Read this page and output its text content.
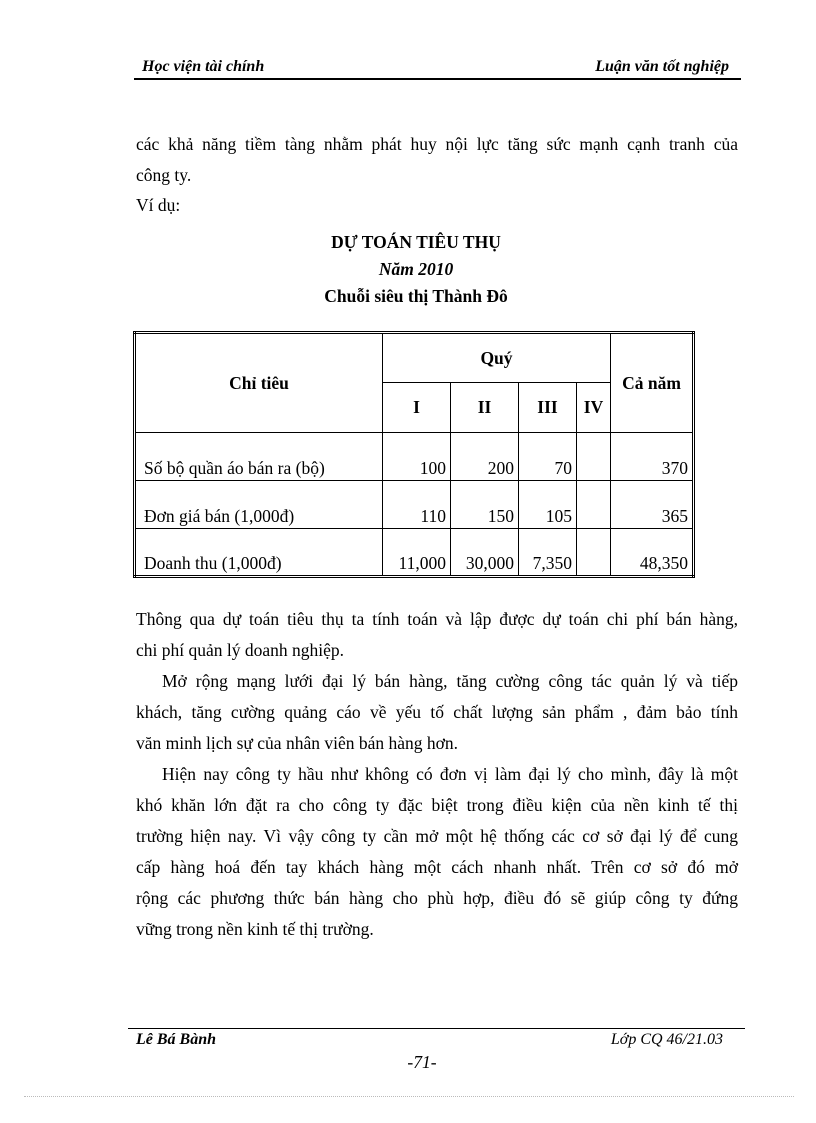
Học viện tài chính	Luận văn tốt nghiệp
các khả năng tiềm tàng nhằm phát huy nội lực tăng sức mạnh cạnh tranh của
công ty.
Ví dụ:
DỰ TOÁN TIÊU THỤ
Năm 2010
Chuỗi siêu thị Thành Đô
Chỉ tiêu	Quý				Cả năm
	I	II	III	IV	
Số bộ quần áo bán ra (bộ)	100	200	70		370
Đơn giá bán (1,000đ)	110	150	105		365
Doanh thu (1,000đ)	11,000	30,000	7,350		48,350
Thông qua dự toán tiêu thụ ta tính toán và lập được dự toán chi phí bán hàng,
chi phí quản lý doanh nghiệp.
Mở rộng mạng lưới đại lý bán hàng, tăng cường công tác quản lý và tiếp
khách, tăng cường quảng cáo về yếu tố chất lượng sản phẩm , đảm bảo tính
văn minh lịch sự của nhân viên bán hàng hơn.
Hiện nay công ty hầu như không có đơn vị làm đại lý cho mình, đây là một
khó khăn lớn đặt ra cho công ty đặc biệt trong điều kiện của nền kinh tế thị
trường hiện nay. Vì vậy công ty cần mở một hệ thống các cơ sở đại lý để cung
cấp hàng hoá đến tay khách hàng một cách nhanh nhất. Trên cơ sở đó mở
rộng các phương thức bán hàng cho phù hợp, điều đó sẽ giúp công ty đứng
vững trong nền kinh tế thị trường.
Lê Bá Bành	Lớp CQ 46/21.03
-71-
